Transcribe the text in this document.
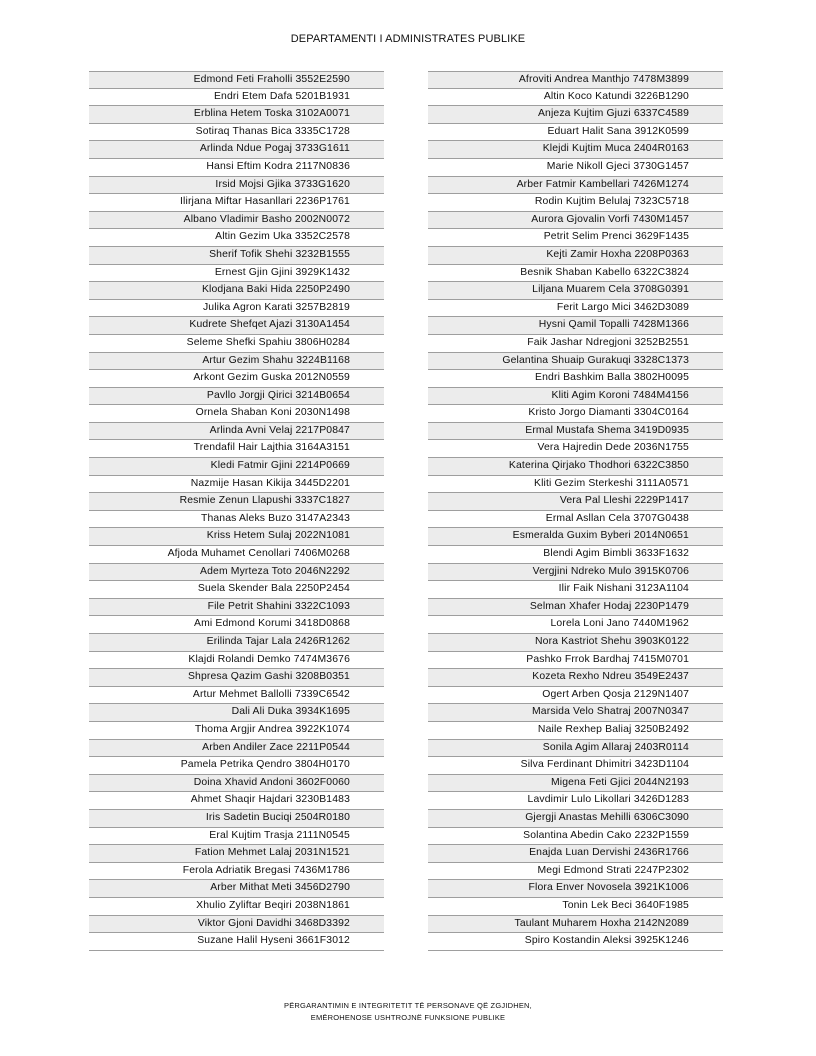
DEPARTAMENTI I ADMINISTRATES PUBLIKE
Edmond Feti Fraholli 3552E2590
Endri Etem Dafa 5201B1931
Erblina Hetem Toska 3102A0071
Sotiraq Thanas Bica 3335C1728
Arlinda Ndue Pogaj 3733G1611
Hansi Eftim Kodra 2117N0836
Irsid Mojsi Gjika 3733G1620
Ilirjana Miftar Hasanllari 2236P1761
Albano Vladimir Basho 2002N0072
Altin Gezim Uka 3352C2578
Sherif Tofik Shehi 3232B1555
Ernest Gjin Gjini 3929K1432
Klodjana Baki Hida 2250P2490
Julika Agron Karati 3257B2819
Kudrete Shefqet Ajazi 3130A1454
Seleme Shefki Spahiu 3806H0284
Artur Gezim Shahu 3224B1168
Arkont Gezim Guska 2012N0559
Pavllo Jorgji Qirici 3214B0654
Ornela Shaban Koni 2030N1498
Arlinda Avni Velaj 2217P0847
Trendafil Hair Lajthia 3164A3151
Kledi Fatmir Gjini 2214P0669
Nazmije Hasan Kikija 3445D2201
Resmie Zenun Llapushi 3337C1827
Thanas Aleks Buzo 3147A2343
Kriss Hetem Sulaj 2022N1081
Afjoda Muhamet Cenollari 7406M0268
Adem Myrteza Toto 2046N2292
Suela Skender Bala 2250P2454
File Petrit Shahini 3322C1093
Ami Edmond Korumi 3418D0868
Erilinda Tajar Lala 2426R1262
Klajdi Rolandi Demko 7474M3676
Shpresa Qazim Gashi 3208B0351
Artur Mehmet Ballolli 7339C6542
Dali Ali Duka 3934K1695
Thoma Argjir Andrea 3922K1074
Arben Andiler Zace 2211P0544
Pamela Petrika Qendro 3804H0170
Doina Xhavid Andoni 3602F0060
Ahmet Shaqir Hajdari 3230B1483
Iris Sadetin Buciqi 2504R0180
Eral Kujtim Trasja 2111N0545
Fation Mehmet Lalaj 2031N1521
Ferola Adriatik Bregasi 7436M1786
Arber Mithat Meti 3456D2790
Xhulio Zyliftar Beqiri 2038N1861
Viktor Gjoni Davidhi 3468D3392
Suzane Halil Hyseni 3661F3012
Afroviti Andrea Manthjo 7478M3899
Altin Koco Katundi 3226B1290
Anjeza Kujtim Gjuzi 6337C4589
Eduart Halit Sana 3912K0599
Klejdi Kujtim Muca 2404R0163
Marie Nikoll Gjeci 3730G1457
Arber Fatmir Kambellari 7426M1274
Rodin Kujtim Belulaj 7323C5718
Aurora Gjovalin Vorfi 7430M1457
Petrit Selim Prenci 3629F1435
Kejti Zamir Hoxha 2208P0363
Besnik Shaban Kabello 6322C3824
Liljana Muarem Cela 3708G0391
Ferit Largo Mici 3462D3089
Hysni Qamil Topalli 7428M1366
Faik Jashar Ndregjoni 3252B2551
Gelantina Shuaip Gurakuqi 3328C1373
Endri Bashkim Balla 3802H0095
Kliti Agim Koroni 7484M4156
Kristo Jorgo Diamanti 3304C0164
Ermal Mustafa Shema 3419D0935
Vera Hajredin Dede 2036N1755
Katerina Qirjako Thodhori 6322C3850
Kliti Gezim Sterkeshi 3111A0571
Vera Pal Lleshi 2229P1417
Ermal Asllan Cela 3707G0438
Esmeralda Guxim Byberi 2014N0651
Blendi Agim Bimbli 3633F1632
Vergjini Ndreko Mulo 3915K0706
Ilir Faik Nishani 3123A1104
Selman Xhafer Hodaj 2230P1479
Lorela Loni Jano 7440M1962
Nora Kastriot Shehu 3903K0122
Pashko Frrok Bardhaj 7415M0701
Kozeta Rexho Ndreu 3549E2437
Ogert Arben Qosja 2129N1407
Marsida Velo Shatraj 2007N0347
Naile Rexhep Baliaj 3250B2492
Sonila Agim Allaraj 2403R0114
Silva Ferdinant Dhimitri 3423D1104
Migena Feti Gjici 2044N2193
Lavdimir Lulo Likollari 3426D1283
Gjergji Anastas Mehilli 6306C3090
Solantina Abedin Cako 2232P1559
Enajda Luan Dervishi 2436R1766
Megi Edmond Strati 2247P2302
Flora Enver Novosela 3921K1006
Tonin Lek Beci 3640F1985
Taulant Muharem Hoxha 2142N2089
Spiro Kostandin Aleksi 3925K1246
PËRGARANTIMIN E INTEGRITETIT TË PERSONAVE QË ZGJIDHEN,
EMËROHENOSE USHTROJNË FUNKSIONE PUBLIKE
